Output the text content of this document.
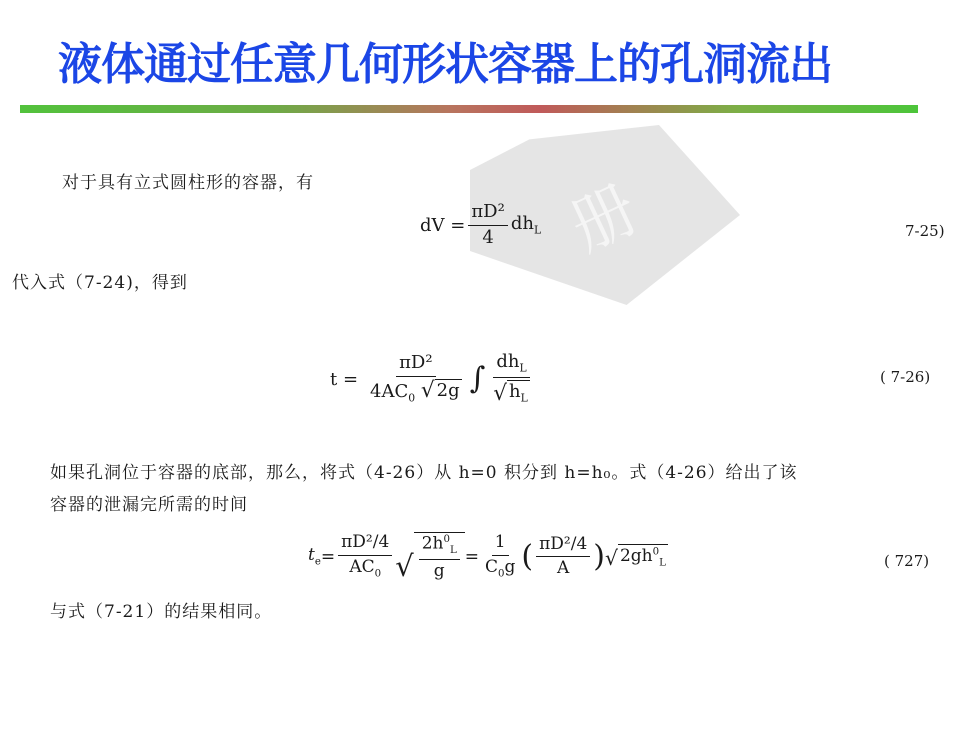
液体通过任意几何形状容器上的孔洞流出
册
对于具有立式圆柱形的容器，有
dV = $\frac{\text{πD²}}{4} dh_L$	7-25)
代入式（7-24)，得到
$t = \frac{\text{πD²}}{4AC_0 √ 2g}$ ∫ $\frac{dh_L}{√ h_L}$	( 7-26)
如果孔洞位于容器的底部，那么，将式（4-26）从 h=0 积分到 h=h₀。式（4-26）给出了该
容器的泄漏完所需的时间
$t_e = \frac{\text{πD²/4}}{AC_0}$ √ $\frac{2h^0_L}{g} = \frac{1}{C_0g}$ ( $\frac{\text{πD²/4}}{A}$ ) √ $2gh^0_L$	( 727)
与式（7-21）的结果相同。
